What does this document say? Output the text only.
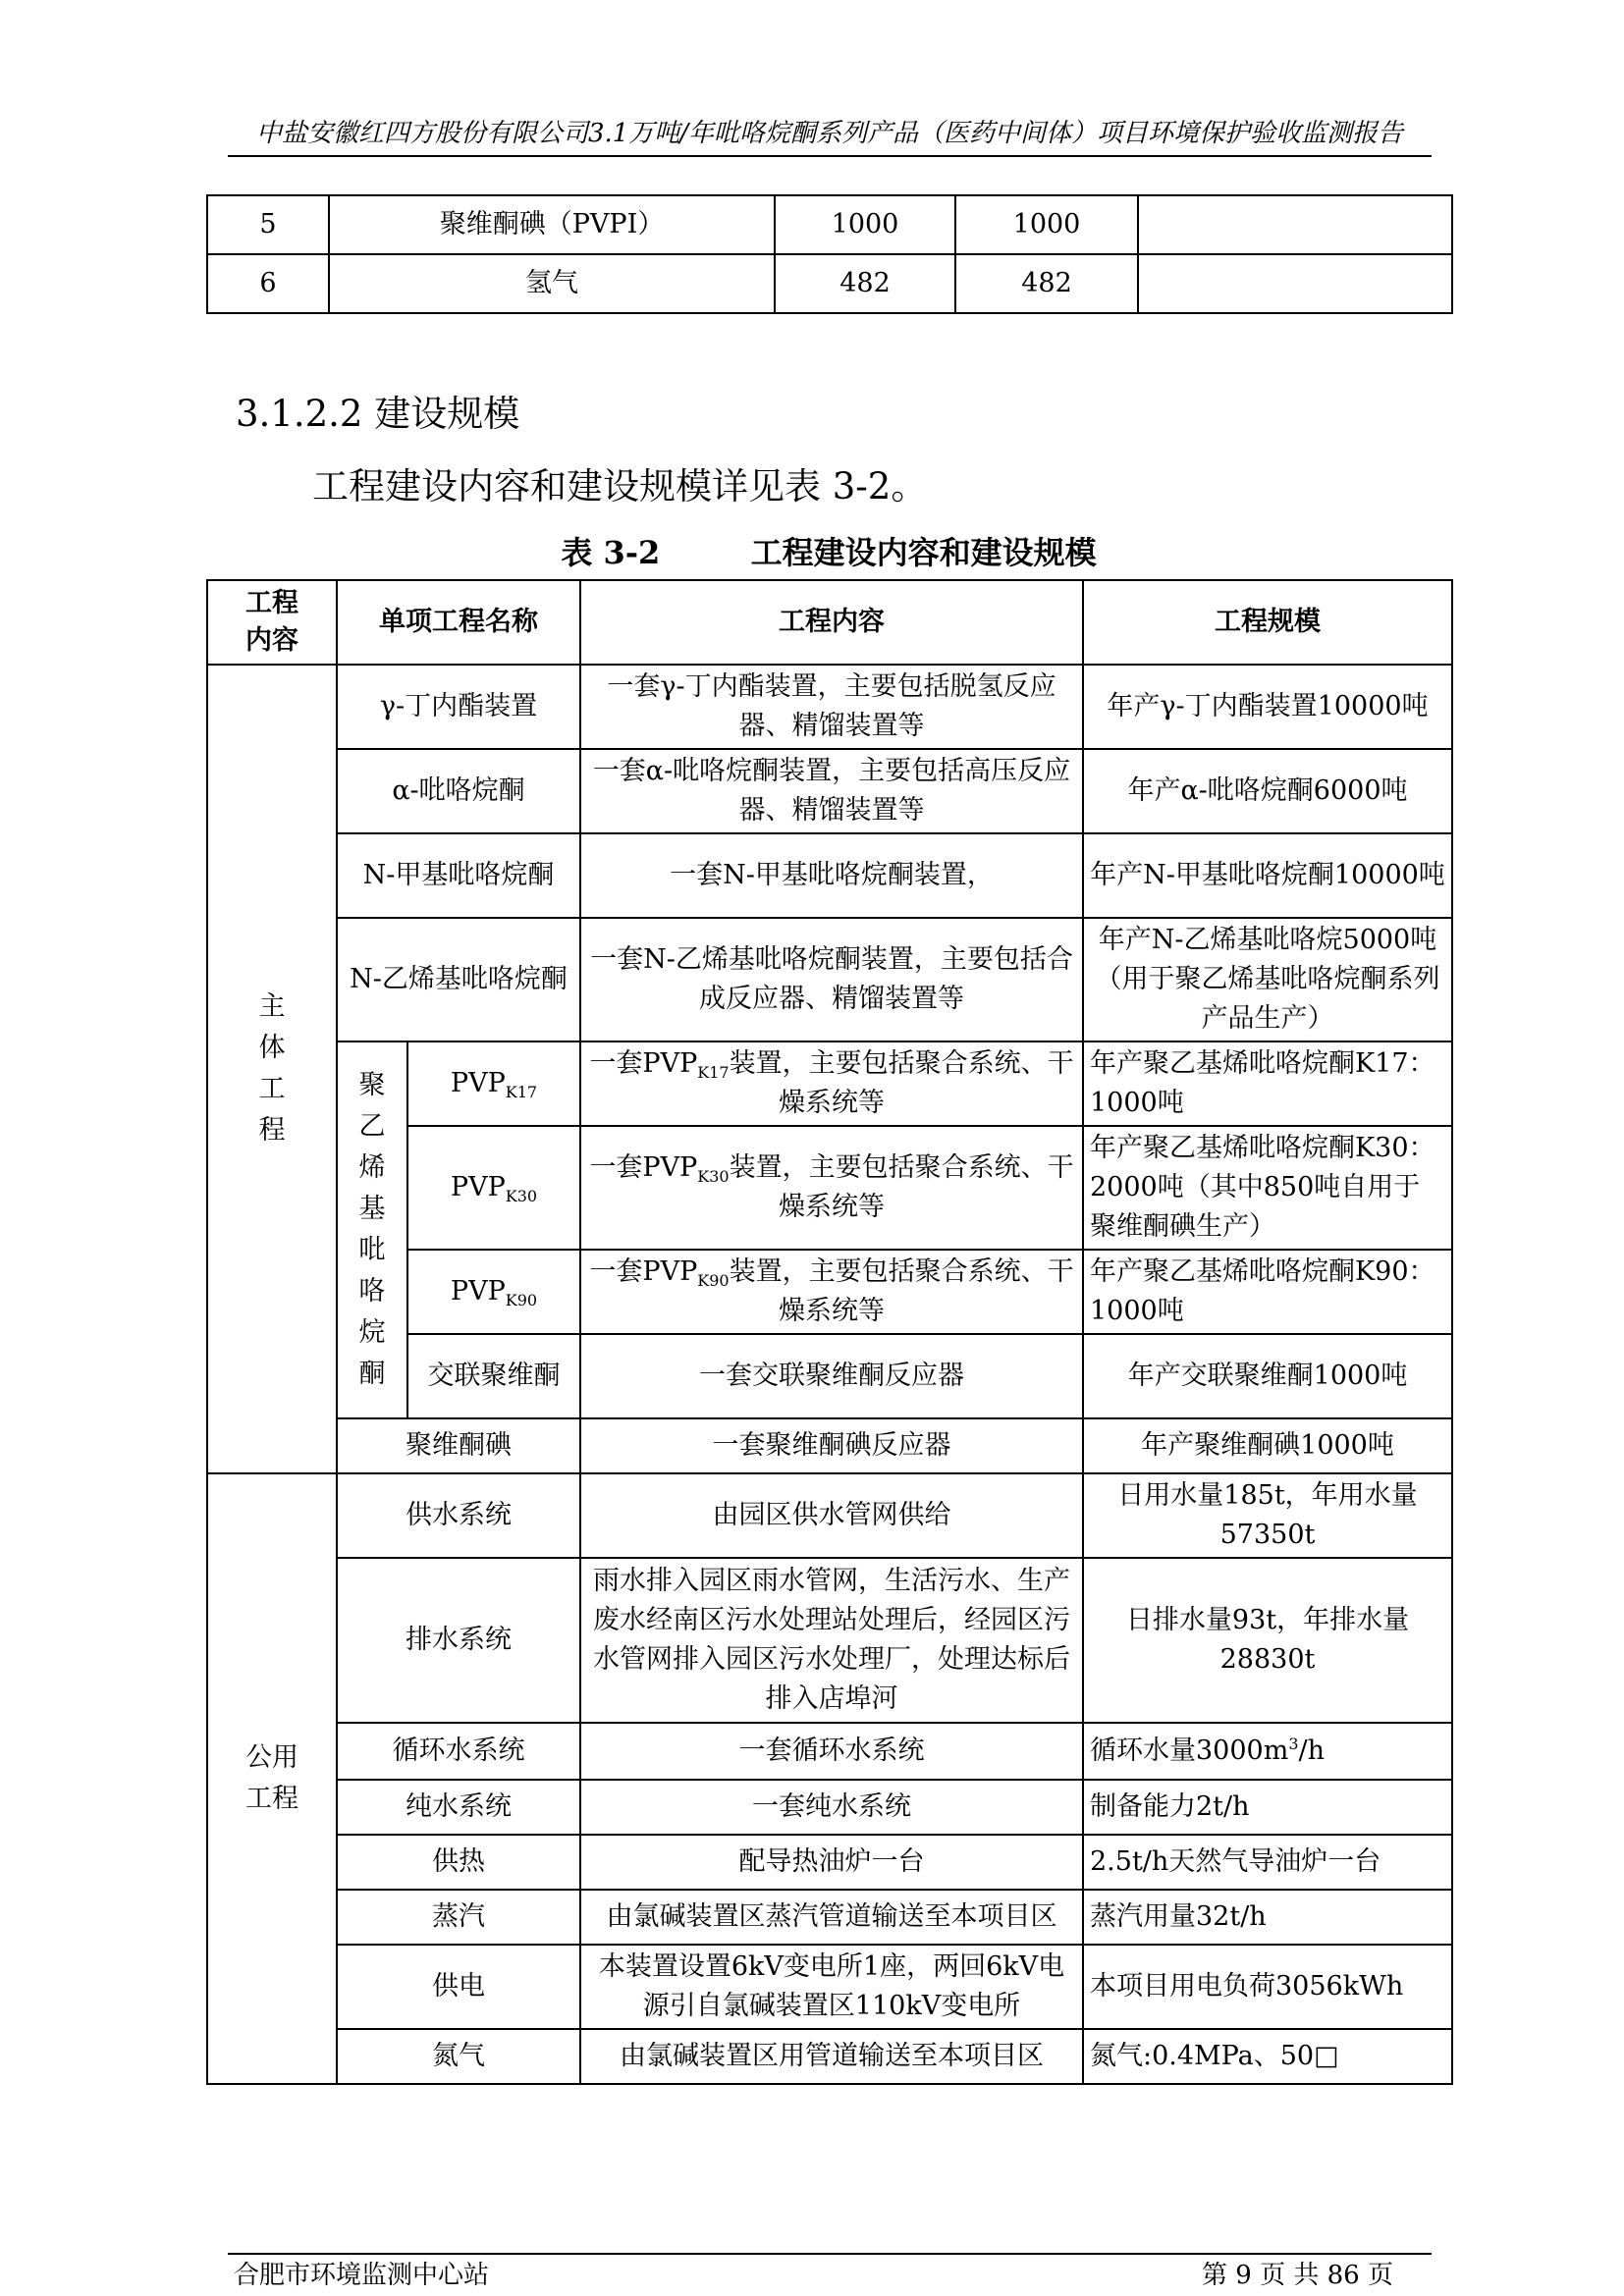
中盐安徽红四方股份有限公司3.1万吨/年吡咯烷酮系列产品（医药中间体）项目环境保护验收监测报告
5	聚维酮碘（PVPI）	1000	1000	
6	氢气	482	482	
3.1.2.2 建设规模
工程建设内容和建设规模详见表 3-2。
表 3-2	工程建设内容和建设规模
工程内容	单项工程名称		工程内容	工程规模
主体工程	γ-丁内酯装置		一套γ-丁内酯装置，主要包括脱氢反应器、精馏装置等	年产γ-丁内酯装置10000吨
	α-吡咯烷酮		一套α-吡咯烷酮装置，主要包括高压反应器、精馏装置等	年产α-吡咯烷酮6000吨
	N-甲基吡咯烷酮		一套N-甲基吡咯烷酮装置，	年产N-甲基吡咯烷酮10000吨
	N-乙烯基吡咯烷酮		一套N-乙烯基吡咯烷酮装置，主要包括合成反应器、精馏装置等	年产N-乙烯基吡咯烷5000吨（用于聚乙烯基吡咯烷酮系列产品生产）
	聚乙烯基吡咯烷酮	$PVP_{K17}$	一套$PVP_{K17}$装置，主要包括聚合系统、干燥系统等	年产聚乙基烯吡咯烷酮K17：1000吨
		$PVP_{K30}$	一套$PVP_{K30}$装置，主要包括聚合系统、干燥系统等	年产聚乙基烯吡咯烷酮K30：2000吨（其中850吨自用于聚维酮碘生产）
		$PVP_{K90}$	一套$PVP_{K90}$装置，主要包括聚合系统、干燥系统等	年产聚乙基烯吡咯烷酮K90：1000吨
		交联聚维酮	一套交联聚维酮反应器	年产交联聚维酮1000吨
	聚维酮碘		一套聚维酮碘反应器	年产聚维酮碘1000吨
公用工程	供水系统		由园区供水管网供给	日用水量185t，年用水量57350t
	排水系统		雨水排入园区雨水管网，生活污水、生产废水经南区污水处理站处理后，经园区污水管网排入园区污水处理厂，处理达标后排入店埠河	日排水量93t，年排水量28830t
	循环水系统		一套循环水系统	循环水量$3000m^3/h$
	纯水系统		一套纯水系统	制备能力2t/h
	供热		配导热油炉一台	2.5t/h天然气导油炉一台
	蒸汽		由氯碱装置区蒸汽管道输送至本项目区	蒸汽用量32t/h
	供电		本装置设置6kV变电所1座，两回6kV电源引自氯碱装置区110kV变电所	本项目用电负荷3056kWh
	氮气		由氯碱装置区用管道输送至本项目区	氮气:0.4MPa、50□
合肥市环境监测中心站	第 9 页 共 86 页
